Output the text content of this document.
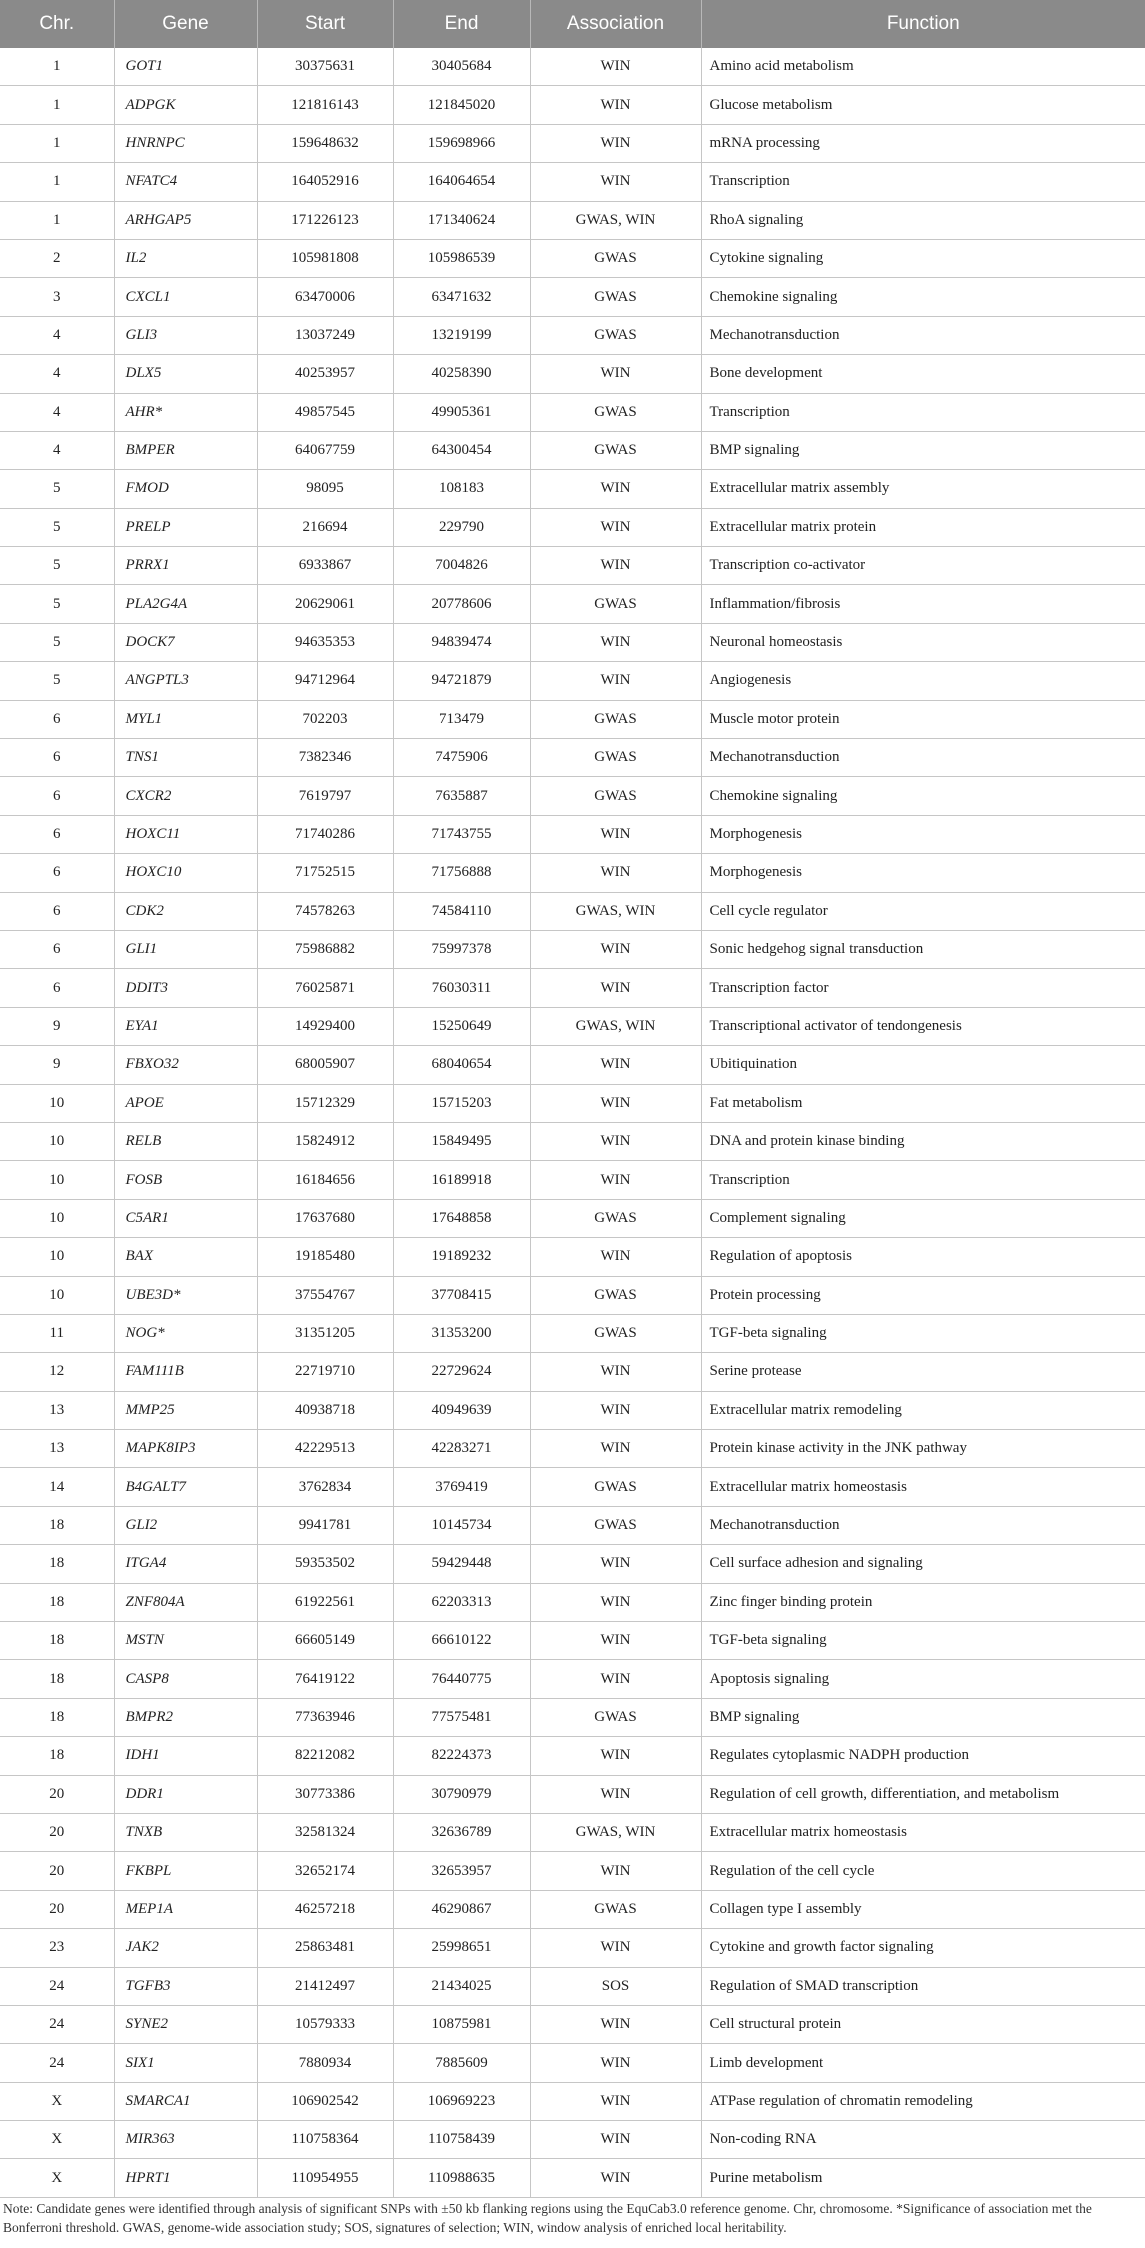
Chr.	Gene	Start	End	Association	Function
1	GOT1	30375631	30405684	WIN	Amino acid metabolism
1	ADPGK	121816143	121845020	WIN	Glucose metabolism
1	HNRNPC	159648632	159698966	WIN	mRNA processing
1	NFATC4	164052916	164064654	WIN	Transcription
1	ARHGAP5	171226123	171340624	GWAS, WIN	RhoA signaling
2	IL2	105981808	105986539	GWAS	Cytokine signaling
3	CXCL1	63470006	63471632	GWAS	Chemokine signaling
4	GLI3	13037249	13219199	GWAS	Mechanotransduction
4	DLX5	40253957	40258390	WIN	Bone development
4	AHR*	49857545	49905361	GWAS	Transcription
4	BMPER	64067759	64300454	GWAS	BMP signaling
5	FMOD	98095	108183	WIN	Extracellular matrix assembly
5	PRELP	216694	229790	WIN	Extracellular matrix protein
5	PRRX1	6933867	7004826	WIN	Transcription co-activator
5	PLA2G4A	20629061	20778606	GWAS	Inflammation/fibrosis
5	DOCK7	94635353	94839474	WIN	Neuronal homeostasis
5	ANGPTL3	94712964	94721879	WIN	Angiogenesis
6	MYL1	702203	713479	GWAS	Muscle motor protein
6	TNS1	7382346	7475906	GWAS	Mechanotransduction
6	CXCR2	7619797	7635887	GWAS	Chemokine signaling
6	HOXC11	71740286	71743755	WIN	Morphogenesis
6	HOXC10	71752515	71756888	WIN	Morphogenesis
6	CDK2	74578263	74584110	GWAS, WIN	Cell cycle regulator
6	GLI1	75986882	75997378	WIN	Sonic hedgehog signal transduction
6	DDIT3	76025871	76030311	WIN	Transcription factor
9	EYA1	14929400	15250649	GWAS, WIN	Transcriptional activator of tendongenesis
9	FBXO32	68005907	68040654	WIN	Ubitiquination
10	APOE	15712329	15715203	WIN	Fat metabolism
10	RELB	15824912	15849495	WIN	DNA and protein kinase binding
10	FOSB	16184656	16189918	WIN	Transcription
10	C5AR1	17637680	17648858	GWAS	Complement signaling
10	BAX	19185480	19189232	WIN	Regulation of apoptosis
10	UBE3D*	37554767	37708415	GWAS	Protein processing
11	NOG*	31351205	31353200	GWAS	TGF-beta signaling
12	FAM111B	22719710	22729624	WIN	Serine protease
13	MMP25	40938718	40949639	WIN	Extracellular matrix remodeling
13	MAPK8IP3	42229513	42283271	WIN	Protein kinase activity in the JNK pathway
14	B4GALT7	3762834	3769419	GWAS	Extracellular matrix homeostasis
18	GLI2	9941781	10145734	GWAS	Mechanotransduction
18	ITGA4	59353502	59429448	WIN	Cell surface adhesion and signaling
18	ZNF804A	61922561	62203313	WIN	Zinc finger binding protein
18	MSTN	66605149	66610122	WIN	TGF-beta signaling
18	CASP8	76419122	76440775	WIN	Apoptosis signaling
18	BMPR2	77363946	77575481	GWAS	BMP signaling
18	IDH1	82212082	82224373	WIN	Regulates cytoplasmic NADPH production
20	DDR1	30773386	30790979	WIN	Regulation of cell growth, differentiation, and metabolism
20	TNXB	32581324	32636789	GWAS, WIN	Extracellular matrix homeostasis
20	FKBPL	32652174	32653957	WIN	Regulation of the cell cycle
20	MEP1A	46257218	46290867	GWAS	Collagen type I assembly
23	JAK2	25863481	25998651	WIN	Cytokine and growth factor signaling
24	TGFB3	21412497	21434025	SOS	Regulation of SMAD transcription
24	SYNE2	10579333	10875981	WIN	Cell structural protein
24	SIX1	7880934	7885609	WIN	Limb development
X	SMARCA1	106902542	106969223	WIN	ATPase regulation of chromatin remodeling
X	MIR363	110758364	110758439	WIN	Non-coding RNA
X	HPRT1	110954955	110988635	WIN	Purine metabolism

Note: Candidate genes were identified through analysis of significant SNPs with ±50 kb flanking regions using the EquCab3.0 reference genome. Chr, chromosome. *Significance of association met the Bonferroni threshold. GWAS, genome-wide association study; SOS, signatures of selection; WIN, window analysis of enriched local heritability.
